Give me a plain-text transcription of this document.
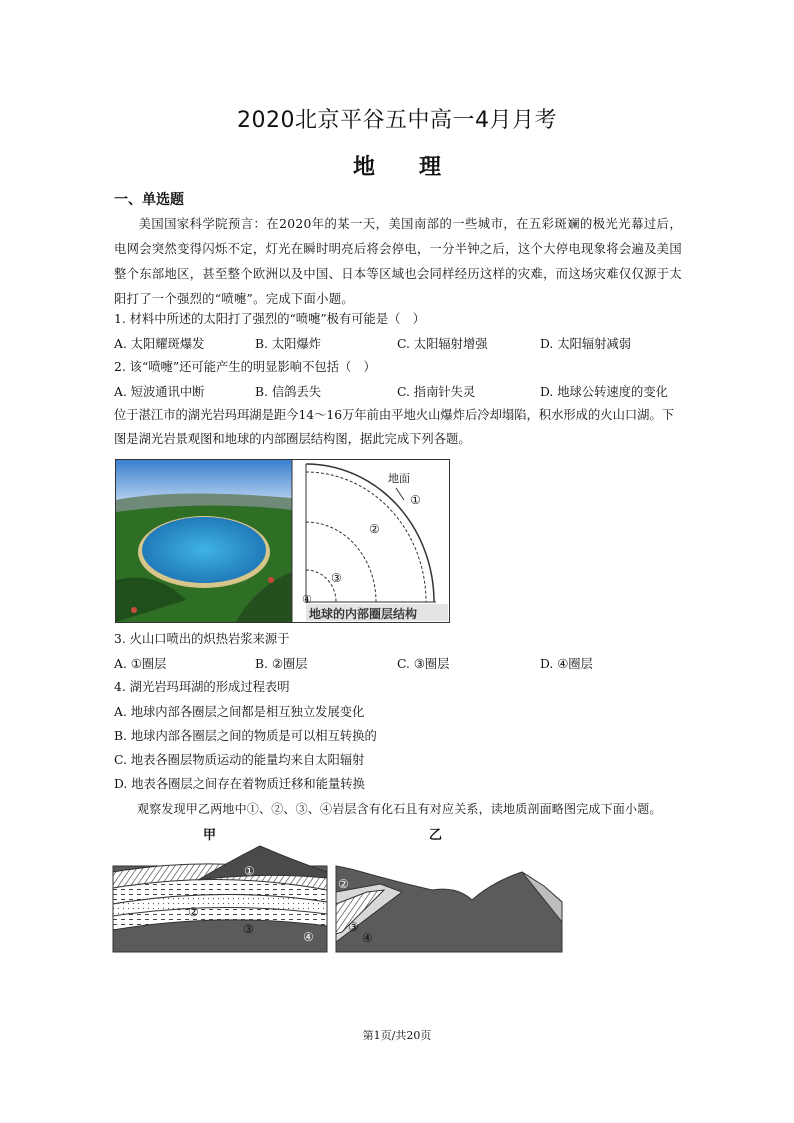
2020北京平谷五中高一4月月考
地　　理
一、单选题
美国国家科学院预言：在2020年的某一天，美国南部的一些城市，在五彩斑斓的极光光幕过后，电网会突然变得闪烁不定，灯光在瞬时明亮后将会停电，一分半钟之后，这个大停电现象将会遍及美国整个东部地区，甚至整个欧洲以及中国、日本等区域也会同样经历这样的灾难，而这场灾难仅仅源于太阳打了一个强烈的“喷嚏”。完成下面小题。
1. 材料中所述的太阳打了强烈的“喷嚏”极有可能是（　）
A. 太阳耀斑爆发	B. 太阳爆炸	C. 太阳辐射增强	D. 太阳辐射减弱
2. 该“喷嚏”还可能产生的明显影响不包括（　）
A. 短波通讯中断	B. 信鸽丢失	C. 指南针失灵	D. 地球公转速度的变化
位于湛江市的湖光岩玛珥湖是距今14～16万年前由平地火山爆炸后冷却塌陷，积水形成的火山口湖。下
图是湖光岩景观图和地球的内部圈层结构图，据此完成下列各题。
地面
①
②
③
④
地球的内部圈层结构
3. 火山口喷出的炽热岩浆来源于
A. ①圈层	B. ②圈层	C. ③圈层	D. ④圈层
4. 湖光岩玛珥湖的形成过程表明
A. 地球内部各圈层之间都是相互独立发展变化
B. 地球内部各圈层之间的物质是可以相互转换的
C. 地表各圈层物质运动的能量均来自太阳辐射
D. 地表各圈层之间存在着物质迁移和能量转换
观察发现甲乙两地中①、②、③、④岩层含有化石且有对应关系，读地质剖面略图完成下面小题。
甲	乙
①
②
③
④
②
③
④
第1页/共20页
